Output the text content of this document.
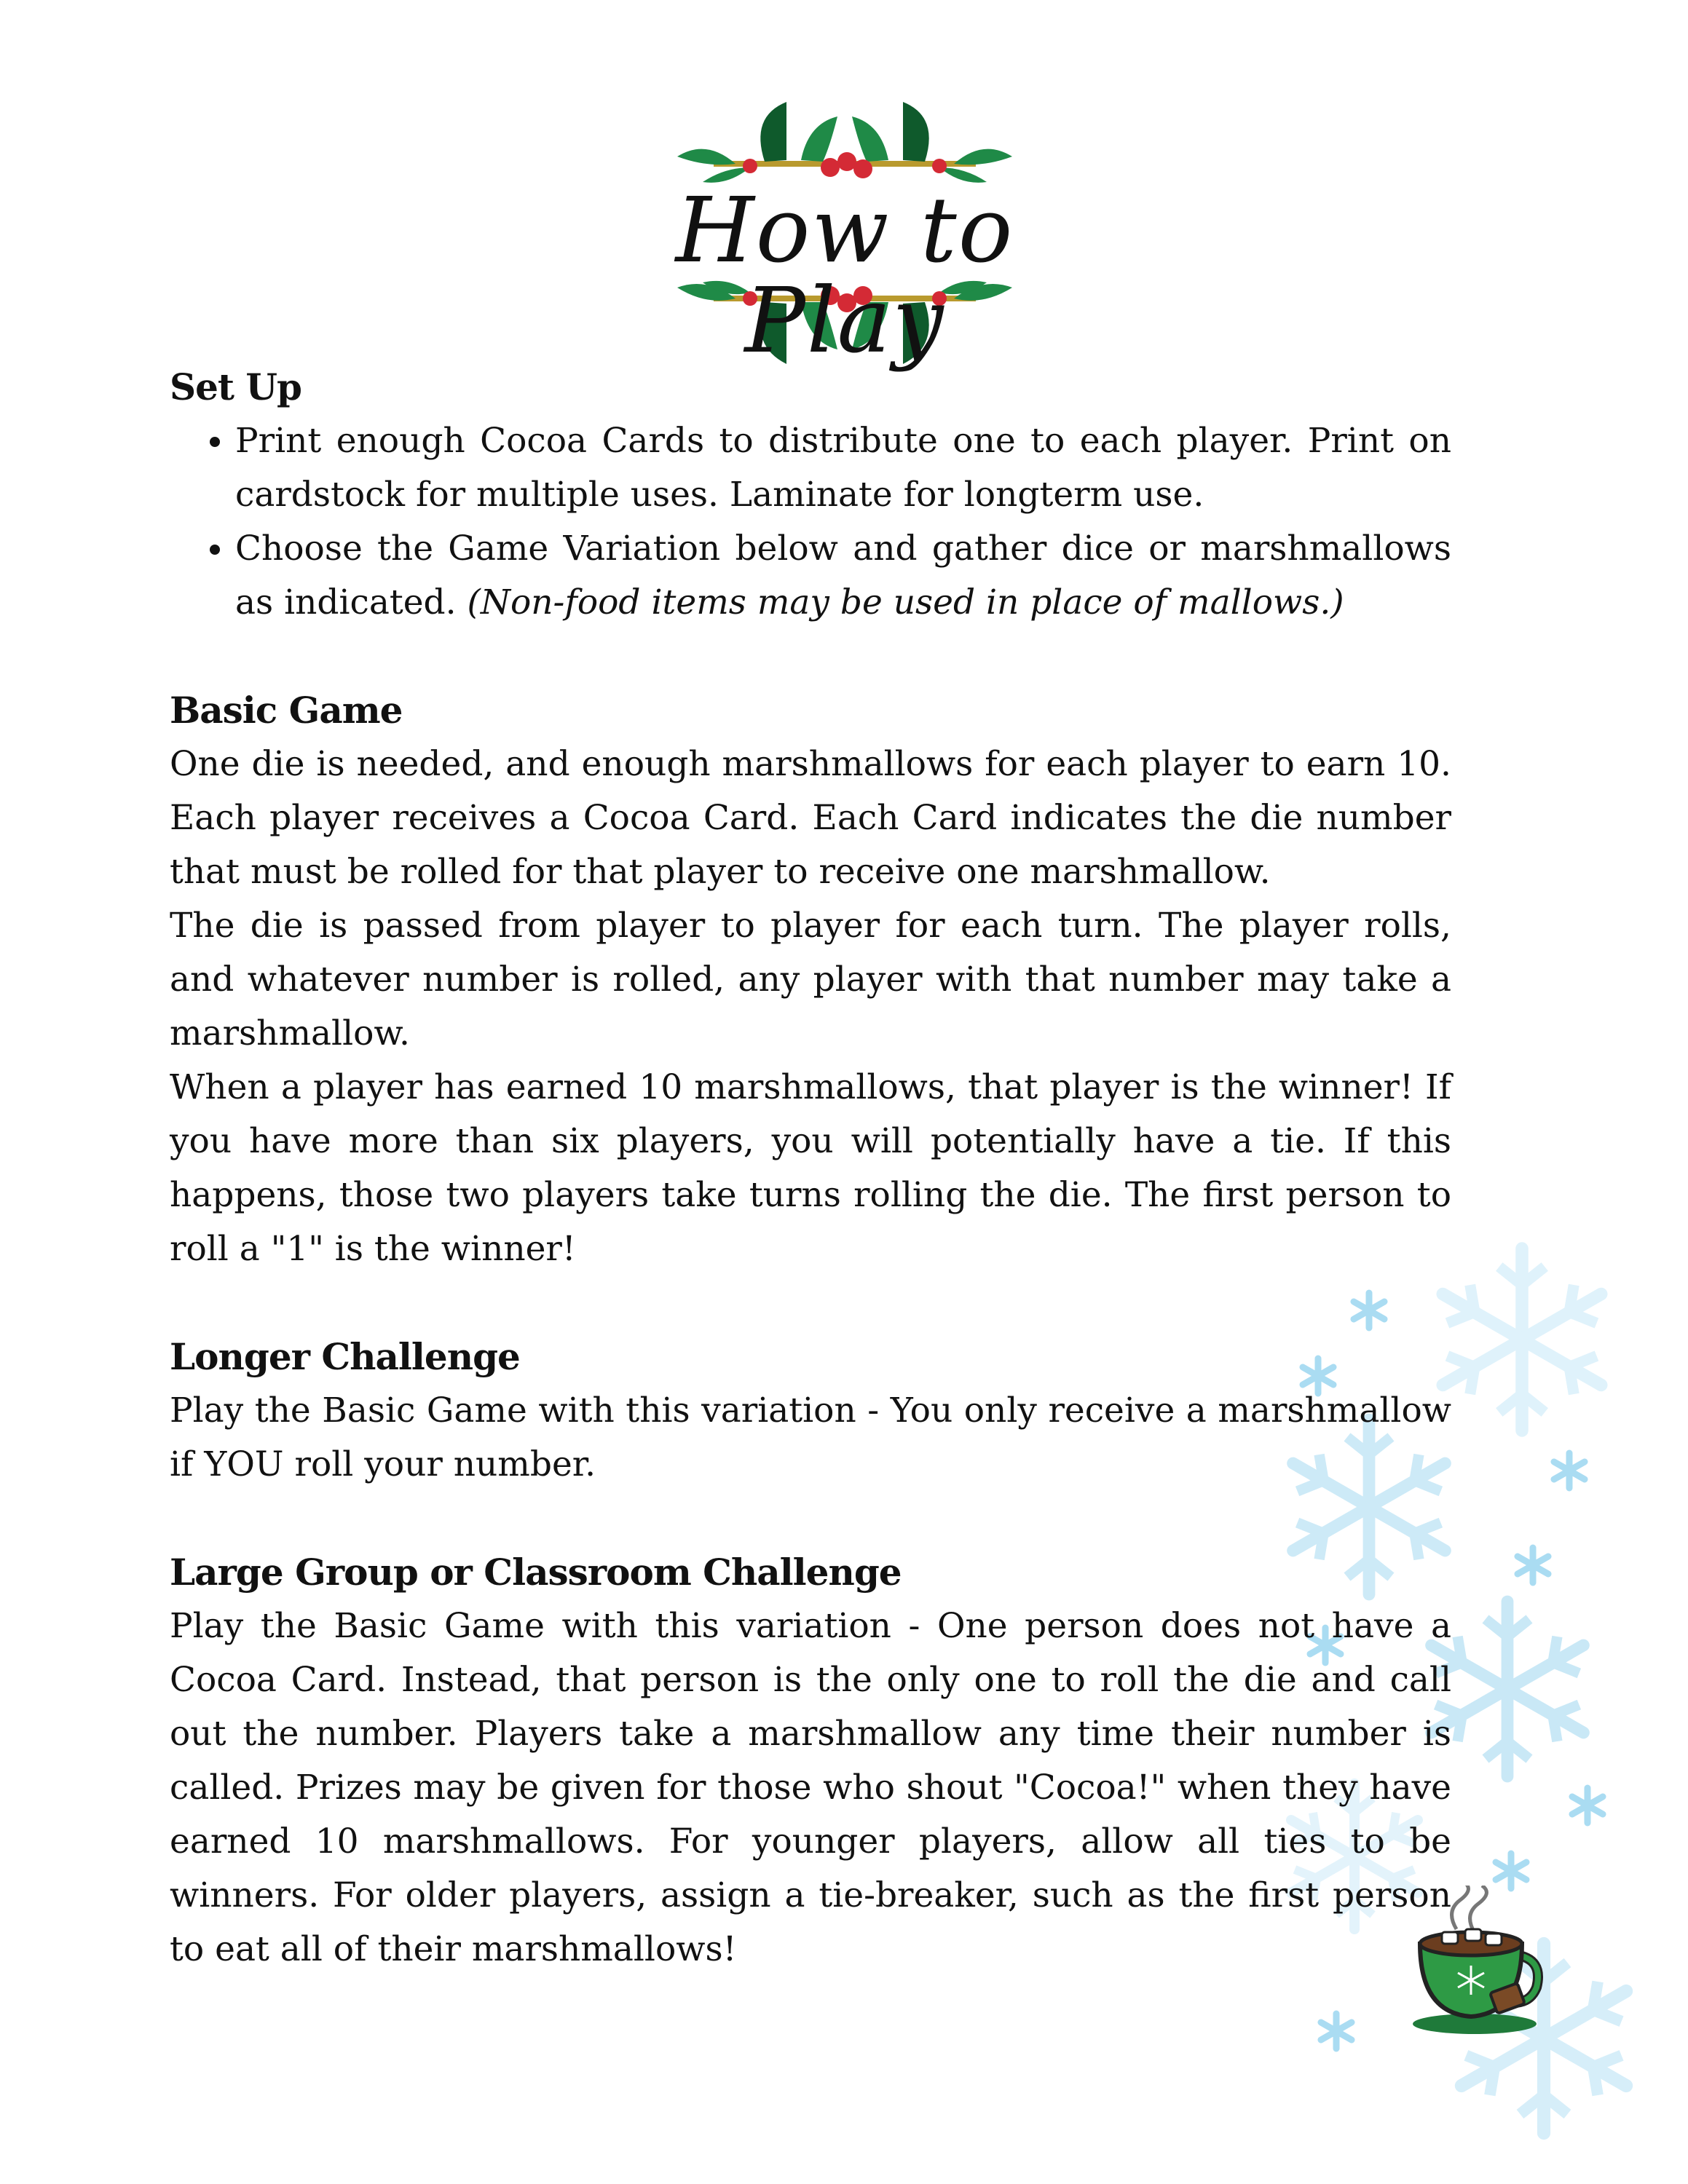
How to Play
Set Up
• Print enough Cocoa Cards to distribute one to each player. Print on cardstock for multiple uses. Laminate for longterm use.
• Choose the Game Variation below and gather dice or marshmallows as indicated. (Non-food items may be used in place of mallows.)
Basic Game

One die is needed, and enough marshmallows for each player to earn 10. Each player receives a Cocoa Card. Each Card indicates the die number that must be rolled for that player to receive one marshmallow.

The die is passed from player to player for each turn. The player rolls, and whatever number is rolled, any player with that number may take a marshmallow.

When a player has earned 10 marshmallows, that player is the winner! If you have more than six players, you will potentially have a tie. If this happens, those two players take turns rolling the die. The first person to roll a "1" is the winner!

Longer Challenge

Play the Basic Game with this variation - You only receive a marshmallow if YOU roll your number.

Large Group or Classroom Challenge

Play the Basic Game with this variation - One person does not have a Cocoa Card. Instead, that person is the only one to roll the die and call out the number. Players take a marshmallow any time their number is called. Prizes may be given for those who shout "Cocoa!" when they have earned 10 marshmallows. For younger players, allow all ties to be winners. For older players, assign a tie-breaker, such as the first person to eat all of their marshmallows!
